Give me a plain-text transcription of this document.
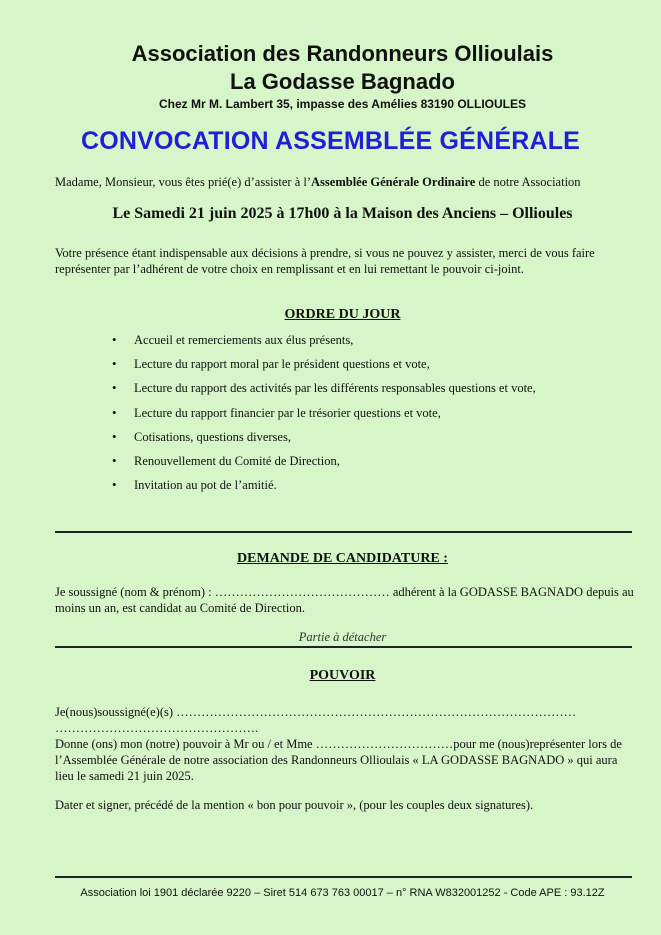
Association des Randonneurs Ollioulais
La Godasse Bagnado
Chez Mr M. Lambert 35, impasse des Amélies 83190 OLLIOULES
CONVOCATION ASSEMBLÉE GÉNÉRALE
Madame, Monsieur, vous êtes prié(e) d’assister à l’Assemblée Générale Ordinaire de notre Association
Le Samedi 21 juin 2025 à 17h00 à la Maison des Anciens – Ollioules
Votre présence étant indispensable aux décisions à prendre, si vous ne pouvez y assister, merci de vous faire représenter par l’adhérent de votre choix en remplissant et en lui remettant le pouvoir ci-joint.
ORDRE DU JOUR
• Accueil et remerciements aux élus présents,
• Lecture du rapport moral par le président questions et vote,
• Lecture du rapport des activités par les différents responsables questions et vote,
• Lecture du rapport financier par le trésorier questions et vote,
• Cotisations, questions diverses,
• Renouvellement du Comité de Direction,
• Invitation au pot de l’amitié.
DEMANDE DE CANDIDATURE :
Je soussigné (nom & prénom) : …………………………………… adhérent à la GODASSE BAGNADO depuis au moins un an, est candidat au Comité de Direction.
Partie à détacher
POUVOIR
Je(nous)soussigné(e)(s) …………………………………………………………………………………… ………………………………………….
Donne (ons) mon (notre) pouvoir à Mr ou / et Mme ……………………………pour me (nous)représenter lors de l’Assemblée Générale de notre association des Randonneurs Ollioulais « LA GODASSE BAGNADO » qui aura lieu le samedi 21 juin 2025.
Dater et signer, précédé de la mention « bon pour pouvoir », (pour les couples deux signatures).
Association loi 1901 déclarée 9220 – Siret 514 673 763 00017 – n° RNA W832001252 - Code APE : 93.12Z
